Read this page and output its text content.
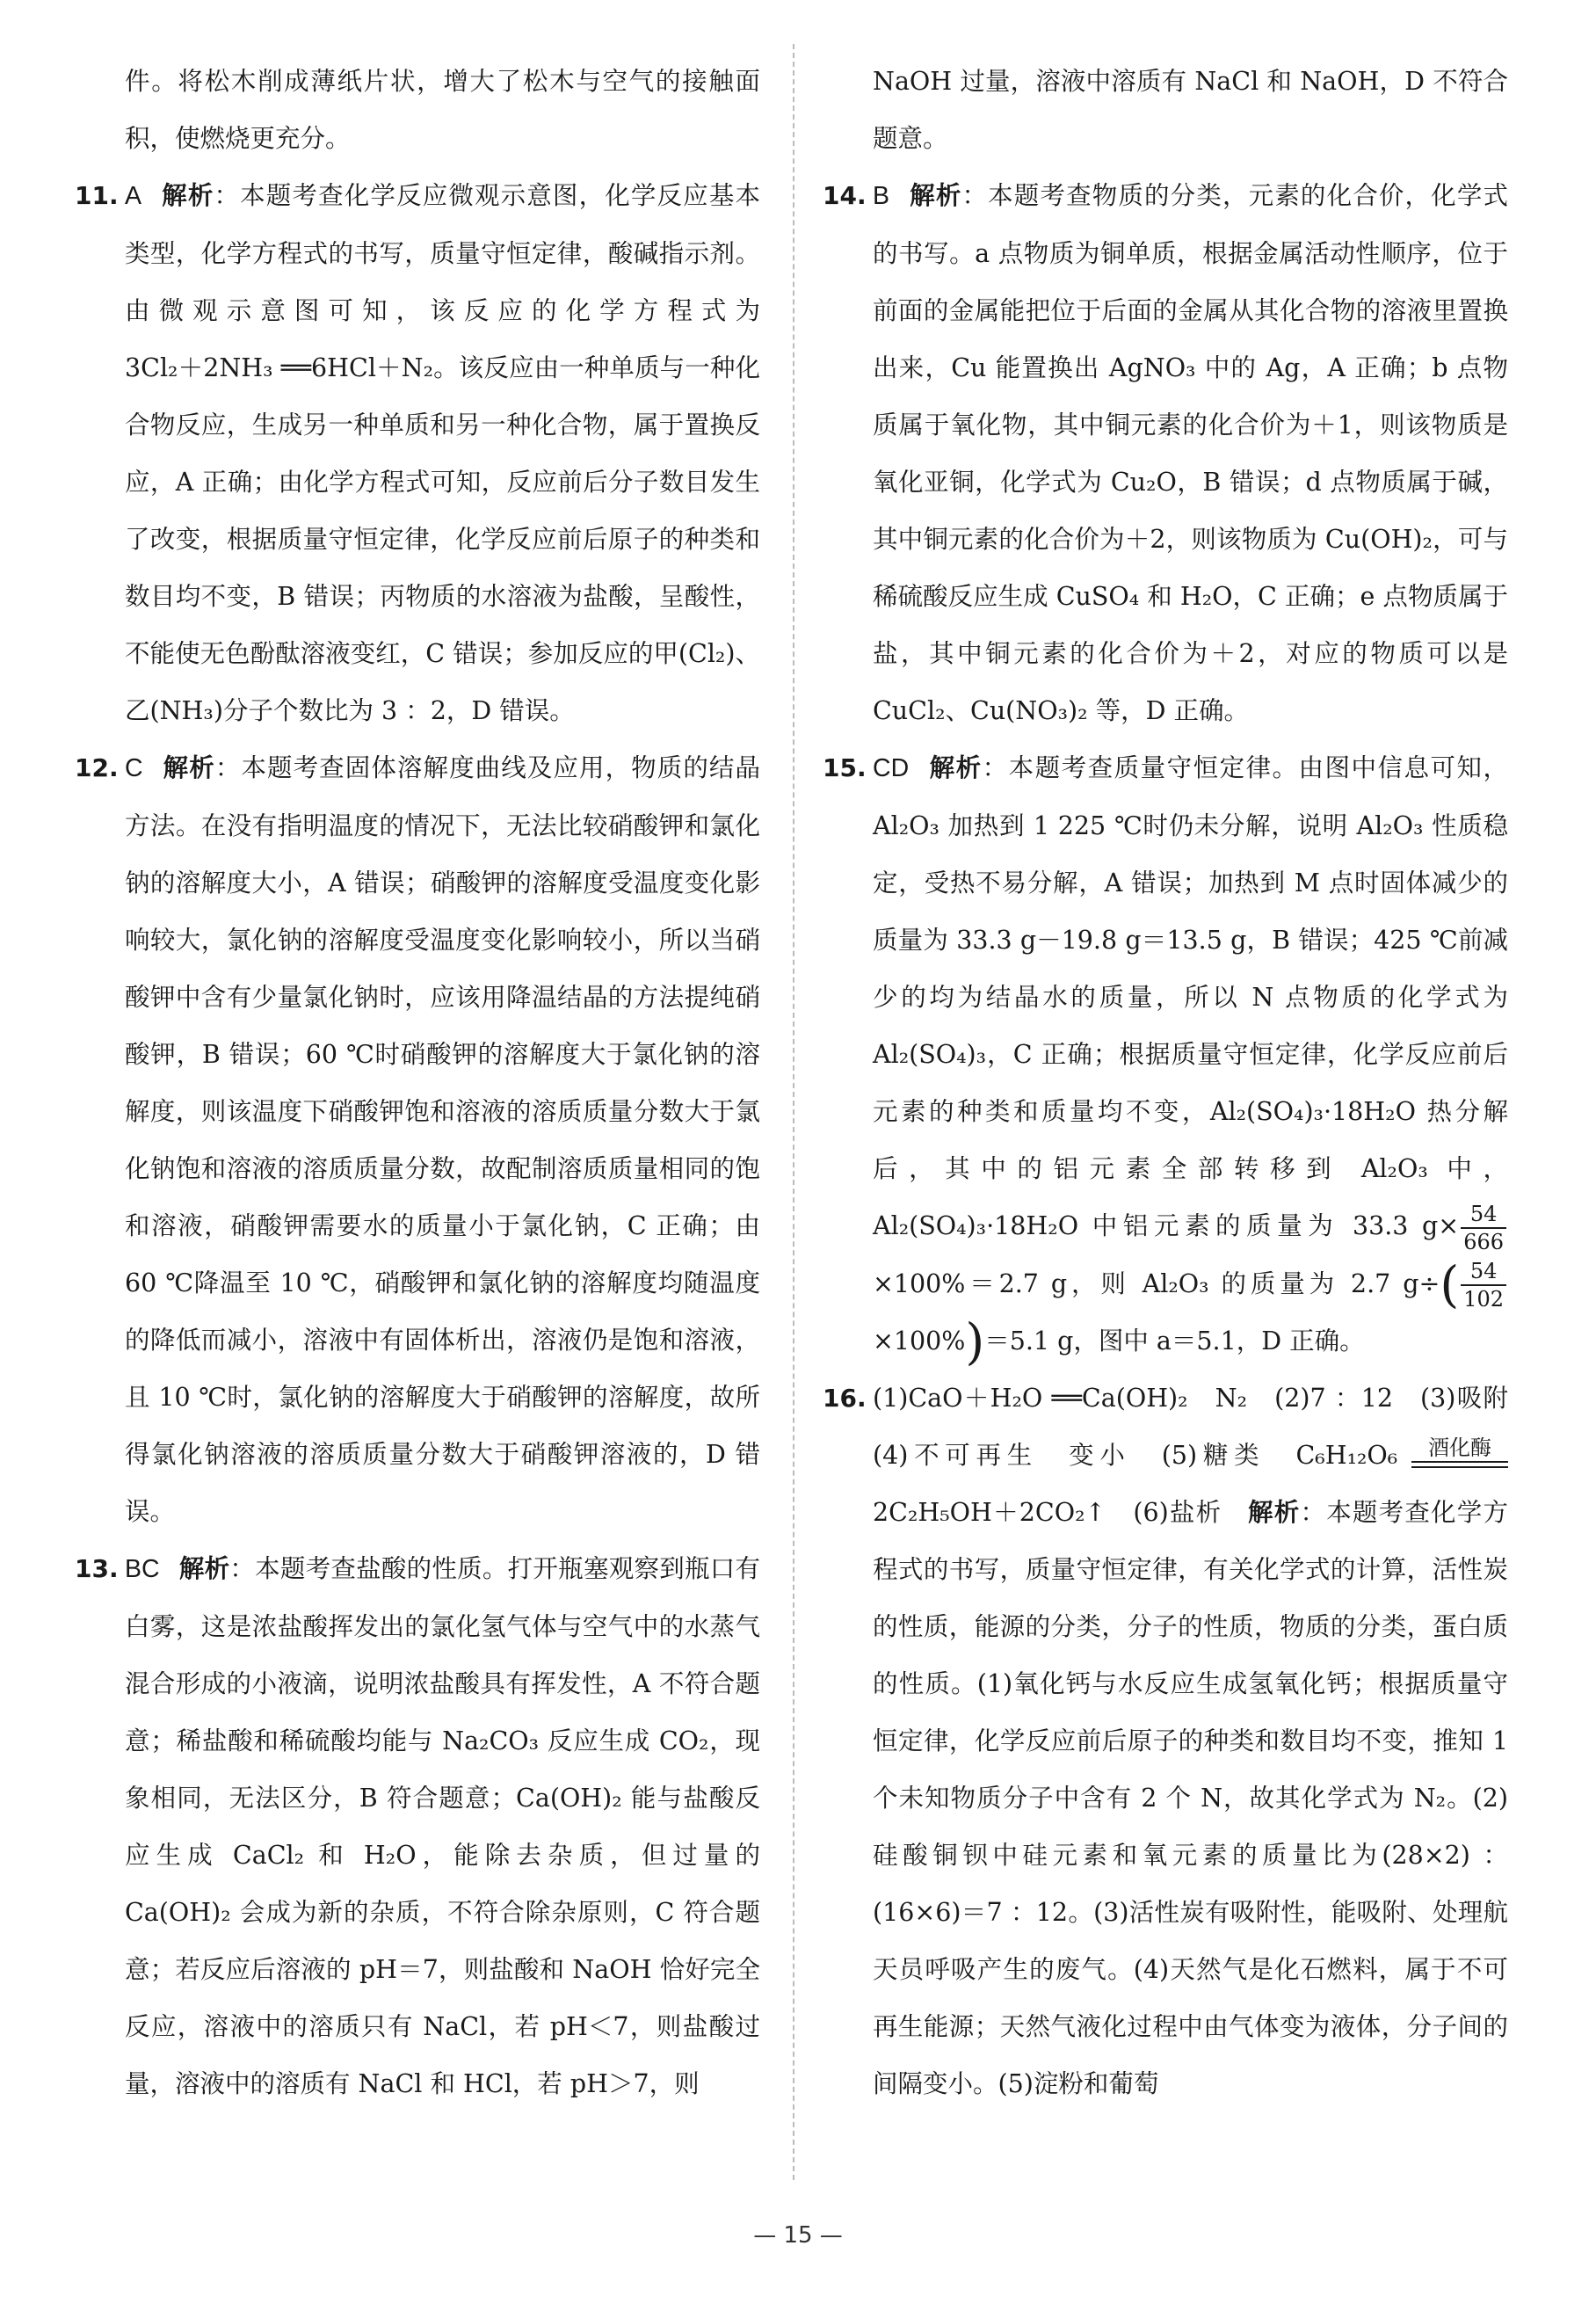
件。将松木削成薄纸片状，增大了松木与空气的接触面积，使燃烧更充分。

11. A 解析 ： 本题考查化学反应微观示意图，化学反应基本类型，化学方程式的书写，质量守恒定律，酸碱指示剂。由微观示意图可知，该反应的化学方程式为3Cl₂＋2NH₃ ══6HCl＋N₂。该反应由一种单质与一种化合物反应，生成另一种单质和另一种化合物，属于置换反应，A 正确；由化学方程式可知，反应前后分子数目发生了改变，根据质量守恒定律，化学反应前后原子的种类和数目均不变，B 错误；丙物质的水溶液为盐酸，呈酸性，不能使无色酚酞溶液变红，C 错误；参加反应的甲(Cl₂)、乙(NH₃)分子个数比为 3 ：2，D 错误。

12. C 解析 ： 本题考查固体溶解度曲线及应用，物质的结晶方法。在没有指明温度的情况下，无法比较硝酸钾和氯化钠的溶解度大小，A 错误；硝酸钾的溶解度受温度变化影响较大，氯化钠的溶解度受温度变化影响较小，所以当硝酸钾中含有少量氯化钠时，应该用降温结晶的方法提纯硝酸钾，B 错误；60 ℃时硝酸钾的溶解度大于氯化钠的溶解度，则该温度下硝酸钾饱和溶液的溶质质量分数大于氯化钠饱和溶液的溶质质量分数，故配制溶质质量相同的饱和溶液，硝酸钾需要水的质量小于氯化钠，C 正确；由 60 ℃降温至 10 ℃，硝酸钾和氯化钠的溶解度均随温度的降低而减小，溶液中有固体析出，溶液仍是饱和溶液，且 10 ℃时，氯化钠的溶解度大于硝酸钾的溶解度，故所得氯化钠溶液的溶质质量分数大于硝酸钾溶液的，D 错误。

13. BC 解析 ： 本题考查盐酸的性质。打开瓶塞观察到瓶口有白雾，这是浓盐酸挥发出的氯化氢气体与空气中的水蒸气混合形成的小液滴，说明浓盐酸具有挥发性，A 不符合题意；稀盐酸和稀硫酸均能与 Na₂CO₃ 反应生成 CO₂，现象相同，无法区分，B 符合题意；Ca(OH)₂ 能与盐酸反应生成 CaCl₂ 和 H₂O，能除去杂质，但过量的 Ca(OH)₂ 会成为新的杂质，不符合除杂原则，C 符合题意；若反应后溶液的 pH＝7，则盐酸和 NaOH 恰好完全反应，溶液中的溶质只有 NaCl，若 pH＜7，则盐酸过量，溶液中的溶质有 NaCl 和 HCl，若 pH＞7，则

NaOH 过量，溶液中溶质有 NaCl 和 NaOH，D 不符合题意。

14. B 解析 ： 本题考查物质的分类，元素的化合价，化学式的书写。a 点物质为铜单质，根据金属活动性顺序，位于前面的金属能把位于后面的金属从其化合物的溶液里置换出来，Cu 能置换出 AgNO₃ 中的 Ag，A 正确；b 点物质属于氧化物，其中铜元素的化合价为＋1，则该物质是氧化亚铜，化学式为 Cu₂O，B 错误；d 点物质属于碱，其中铜元素的化合价为＋2，则该物质为 Cu(OH)₂，可与稀硫酸反应生成 CuSO₄ 和 H₂O，C 正确；e 点物质属于盐，其中铜元素的化合价为＋2，对应的物质可以是 CuCl₂、Cu(NO₃)₂ 等，D 正确。

15. CD 解析 ： 本题考查质量守恒定律。由图中信息可知，Al₂O₃ 加热到 1 225 ℃时仍未分解，说明 Al₂O₃ 性质稳定，受热不易分解，A 错误；加热到 M 点时固体减少的质量为 33.3 g－19.8 g＝13.5 g，B 错误；425 ℃前减少的均为结晶水的质量，所以 N 点物质的化学式为 Al₂(SO₄)₃，C 正确；根据质量守恒定律，化学反应前后元素的种类和质量均不变，Al₂(SO₄)₃·18H₂O 热分解后，其中的铝元素全部转移到 Al₂O₃ 中，Al₂(SO₄)₃·18H₂O 中铝元素的质量为 33.3 $g\times \frac{54}{666}$
×100%＝2.7 g，则 Al₂O₃ 的质量为 2.7 $g\div( \frac{54}{102}$
×100%)＝5.1 g，图中 a＝5.1，D 正确。

16. (1)CaO＋H₂O ══Ca(OH)₂　N₂　(2)7 ：12　(3)吸附　(4)不可再生　变小　(5)糖类　C₆H₁₂O₆ 酒化酶
2C₂H₅OH＋2CO₂↑　(6)盐析　解析 ： 本题考查化学方程式的书写，质量守恒定律，有关化学式的计算，活性炭的性质，能源的分类，分子的性质，物质的分类，蛋白质的性质。(1)氧化钙与水反应生成氢氧化钙；根据质量守恒定律，化学反应前后原子的种类和数目均不变，推知 1 个未知物质分子中含有 2 个 N，故其化学式为 N₂。(2)硅酸铜钡中硅元素和氧元素的质量比为(28×2) ：(16×6)＝7 ：12。(3)活性炭有吸附性，能吸附、处理航天员呼吸产生的废气。(4)天然气是化石燃料，属于不可再生能源；天然气液化过程中由气体变为液体，分子间的间隔变小。(5)淀粉和葡萄

— 15 —
